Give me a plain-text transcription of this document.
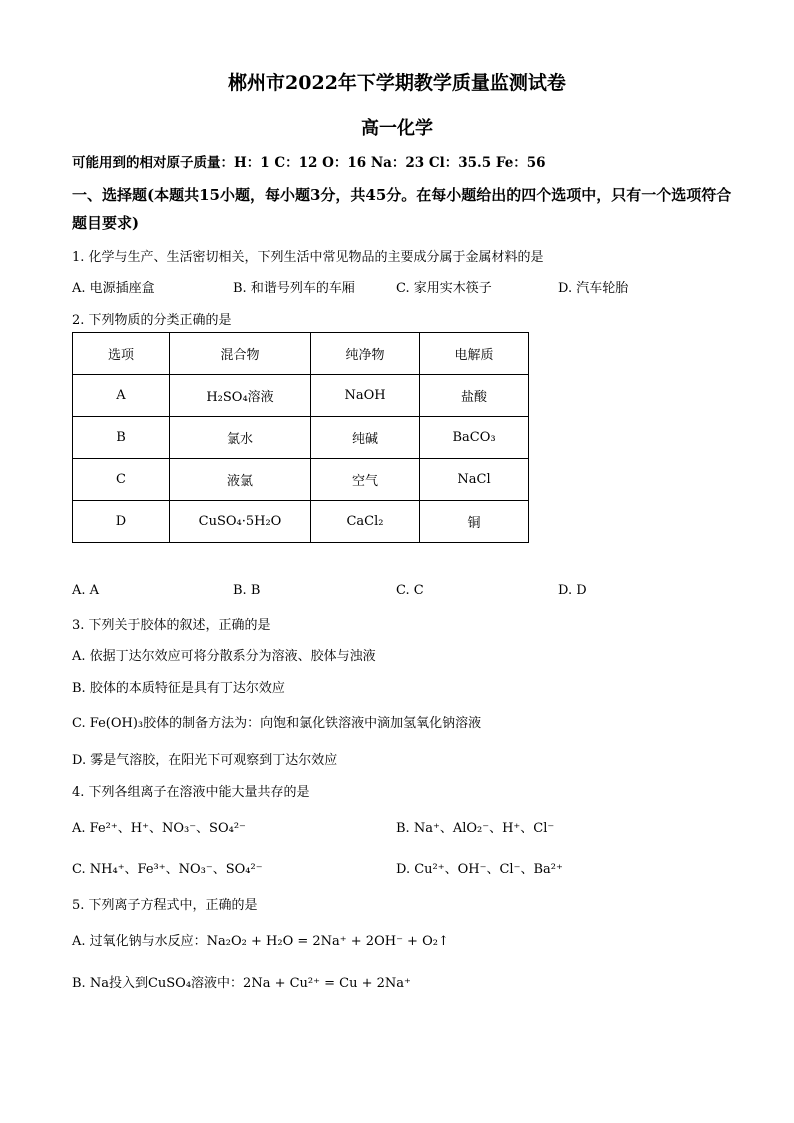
郴州市2022年下学期教学质量监测试卷
高一化学
可能用到的相对原子质量：H：1 C：12 O：16 Na：23 Cl：35.5 Fe：56
一、选择题(本题共15小题，每小题3分，共45分。在每小题给出的四个选项中，只有一个选项符合题目要求)
1. 化学与生产、生活密切相关，下列生活中常见物品的主要成分属于金属材料的是
A. 电源插座盒	B. 和谐号列车的车厢	C. 家用实木筷子	D. 汽车轮胎
2. 下列物质的分类正确的是
选项	混合物	纯净物	电解质
A	H₂SO₄溶液	NaOH	盐酸
B	氯水	纯碱	BaCO₃
C	液氯	空气	NaCl
D	CuSO₄·5H₂O	CaCl₂	铜
A. A	B. B	C. C	D. D
3. 下列关于胶体的叙述，正确的是
A. 依据丁达尔效应可将分散系分为溶液、胶体与浊液
B. 胶体的本质特征是具有丁达尔效应
C. Fe(OH)₃胶体的制备方法为：向饱和氯化铁溶液中滴加氢氧化钠溶液
D. 雾是气溶胶，在阳光下可观察到丁达尔效应
4. 下列各组离子在溶液中能大量共存的是
A. Fe²⁺、H⁺、NO₃⁻、SO₄²⁻	B. Na⁺、AlO₂⁻、H⁺、Cl⁻
C. NH₄⁺、Fe³⁺、NO₃⁻、SO₄²⁻	D. Cu²⁺、OH⁻、Cl⁻、Ba²⁺
5. 下列离子方程式中，正确的是
A. 过氧化钠与水反应：Na₂O₂ + H₂O = 2Na⁺ + 2OH⁻ + O₂↑
B. Na投入到CuSO₄溶液中：2Na + Cu²⁺ = Cu + 2Na⁺
